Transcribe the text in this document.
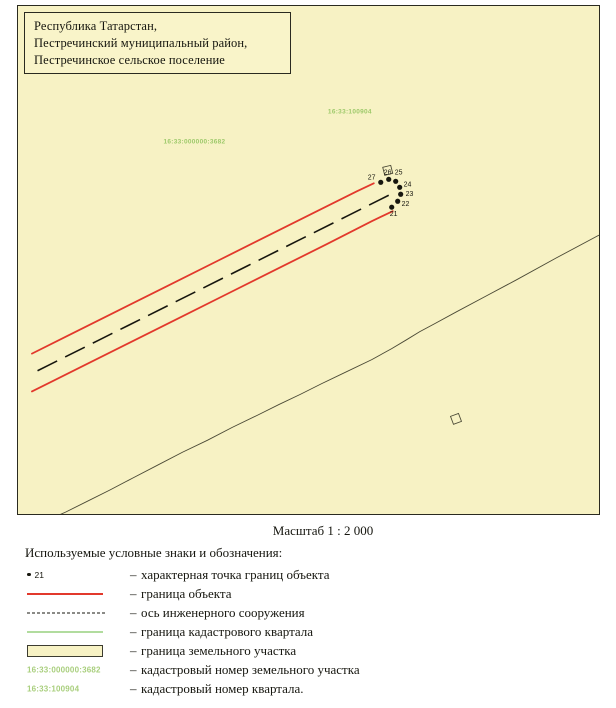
27
26 25
24
23
22
21
16:33:100904
16:33:000000:3682
Республика Татарстан,
Пестречинский муниципальный район,
Пестречинское сельское поселение
Масштаб 1 : 2 000
Используемые условные знаки и обозначения:
21	– характерная точка границ объекта
– граница объекта
– ось инженерного сооружения
– граница кадастрового квартала
– граница земельного участка
16:33:000000:3682 – кадастровый номер земельного участка
16:33:100904	– кадастровый номер квартала.
